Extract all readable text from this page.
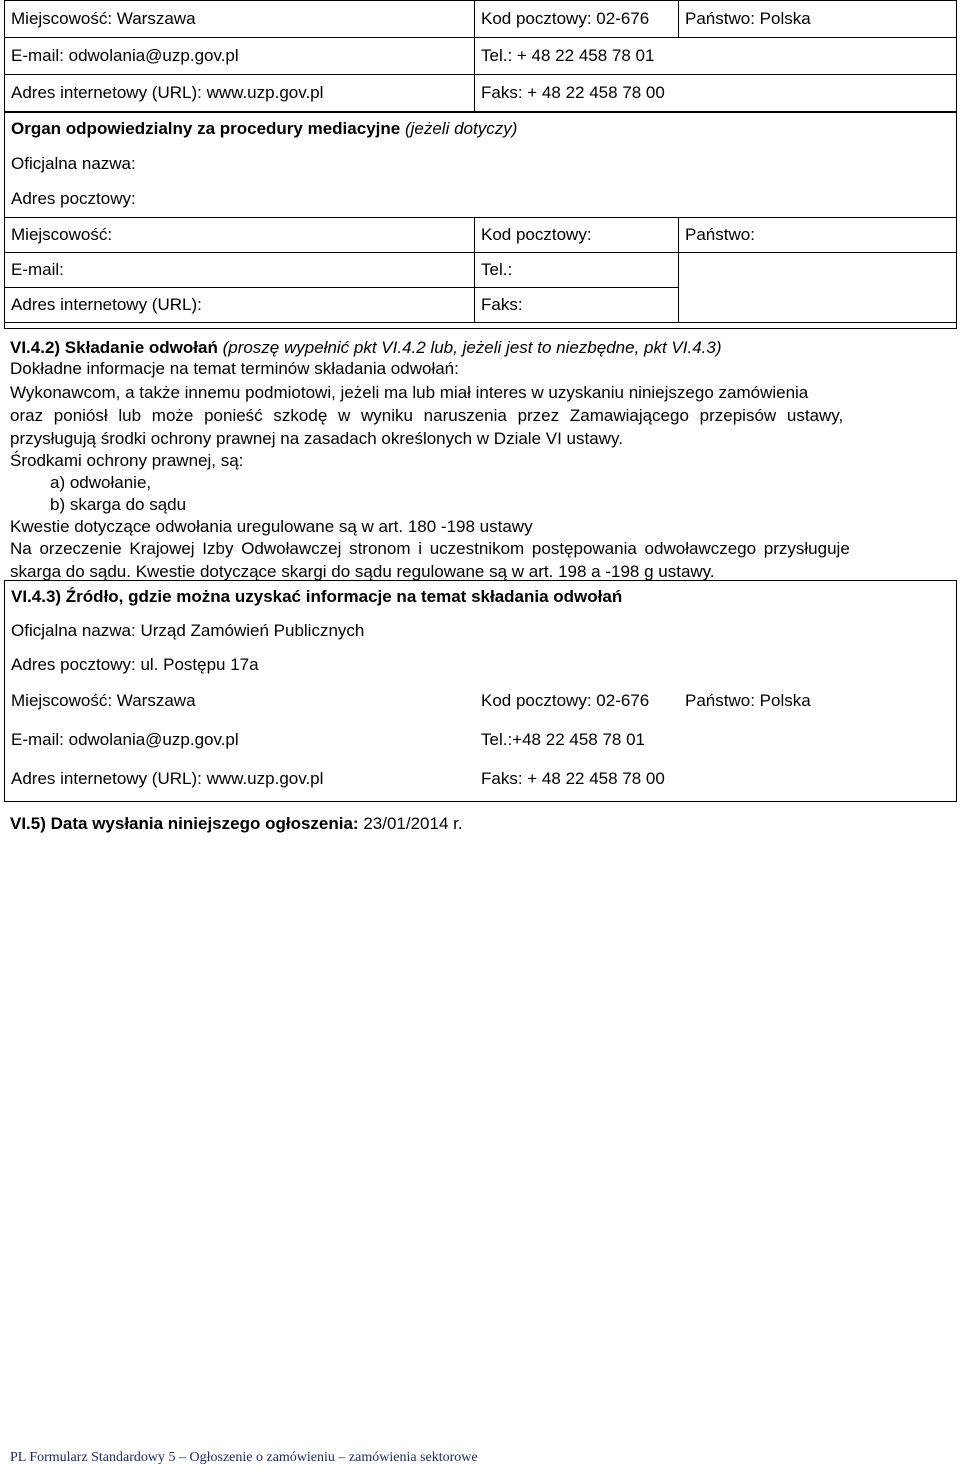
Miejscowość: Warszawa	Kod pocztowy: 02-676	Państwo: Polska
E-mail: odwolania@uzp.gov.pl	Tel.: + 48 22 458 78 01	
Adres internetowy (URL): www.uzp.gov.pl	Faks: + 48 22 458 78 00	
Organ odpowiedzialny za procedury mediacyjne (jeżeli dotyczy)
Oficjalna nazwa:
Adres pocztowy:
Miejscowość:	Kod pocztowy:	Państwo:
E-mail:	Tel.:	
Adres internetowy (URL):	Faks:	
VI.4.2) Składanie odwołań (proszę wypełnić pkt VI.4.2 lub, jeżeli jest to niezbędne, pkt VI.4.3)
Dokładne informacje na temat terminów składania odwołań:
Wykonawcom, a także innemu podmiotowi, jeżeli ma lub miał interes w uzyskaniu niniejszego zamówienia
oraz poniósł lub może ponieść szkodę w wyniku naruszenia przez Zamawiającego przepisów ustawy,
przysługują środki ochrony prawnej na zasadach określonych w Dziale VI ustawy.
Środkami ochrony prawnej, są:
a) odwołanie,
b) skarga do sądu
Kwestie dotyczące odwołania uregulowane są w art. 180 -198 ustawy
Na orzeczenie Krajowej Izby Odwoławczej stronom i uczestnikom postępowania odwoławczego przysługuje
skarga do sądu. Kwestie dotyczące skargi do sądu regulowane są w art. 198 a -198 g ustawy.
VI.4.3) Źródło, gdzie można uzyskać informacje na temat składania odwołań
Oficjalna nazwa: Urząd Zamówień Publicznych
Adres pocztowy: ul. Postępu 17a
Miejscowość: Warszawa	Kod pocztowy: 02-676	Państwo: Polska
E-mail: odwolania@uzp.gov.pl	Tel.:+48 22 458 78 01	
Adres internetowy (URL): www.uzp.gov.pl	Faks: + 48 22 458 78 00	
VI.5) Data wysłania niniejszego ogłoszenia: 23/01/2014 r.
PL Formularz Standardowy 5 – Ogłoszenie o zamówieniu – zamówienia sektorowe
